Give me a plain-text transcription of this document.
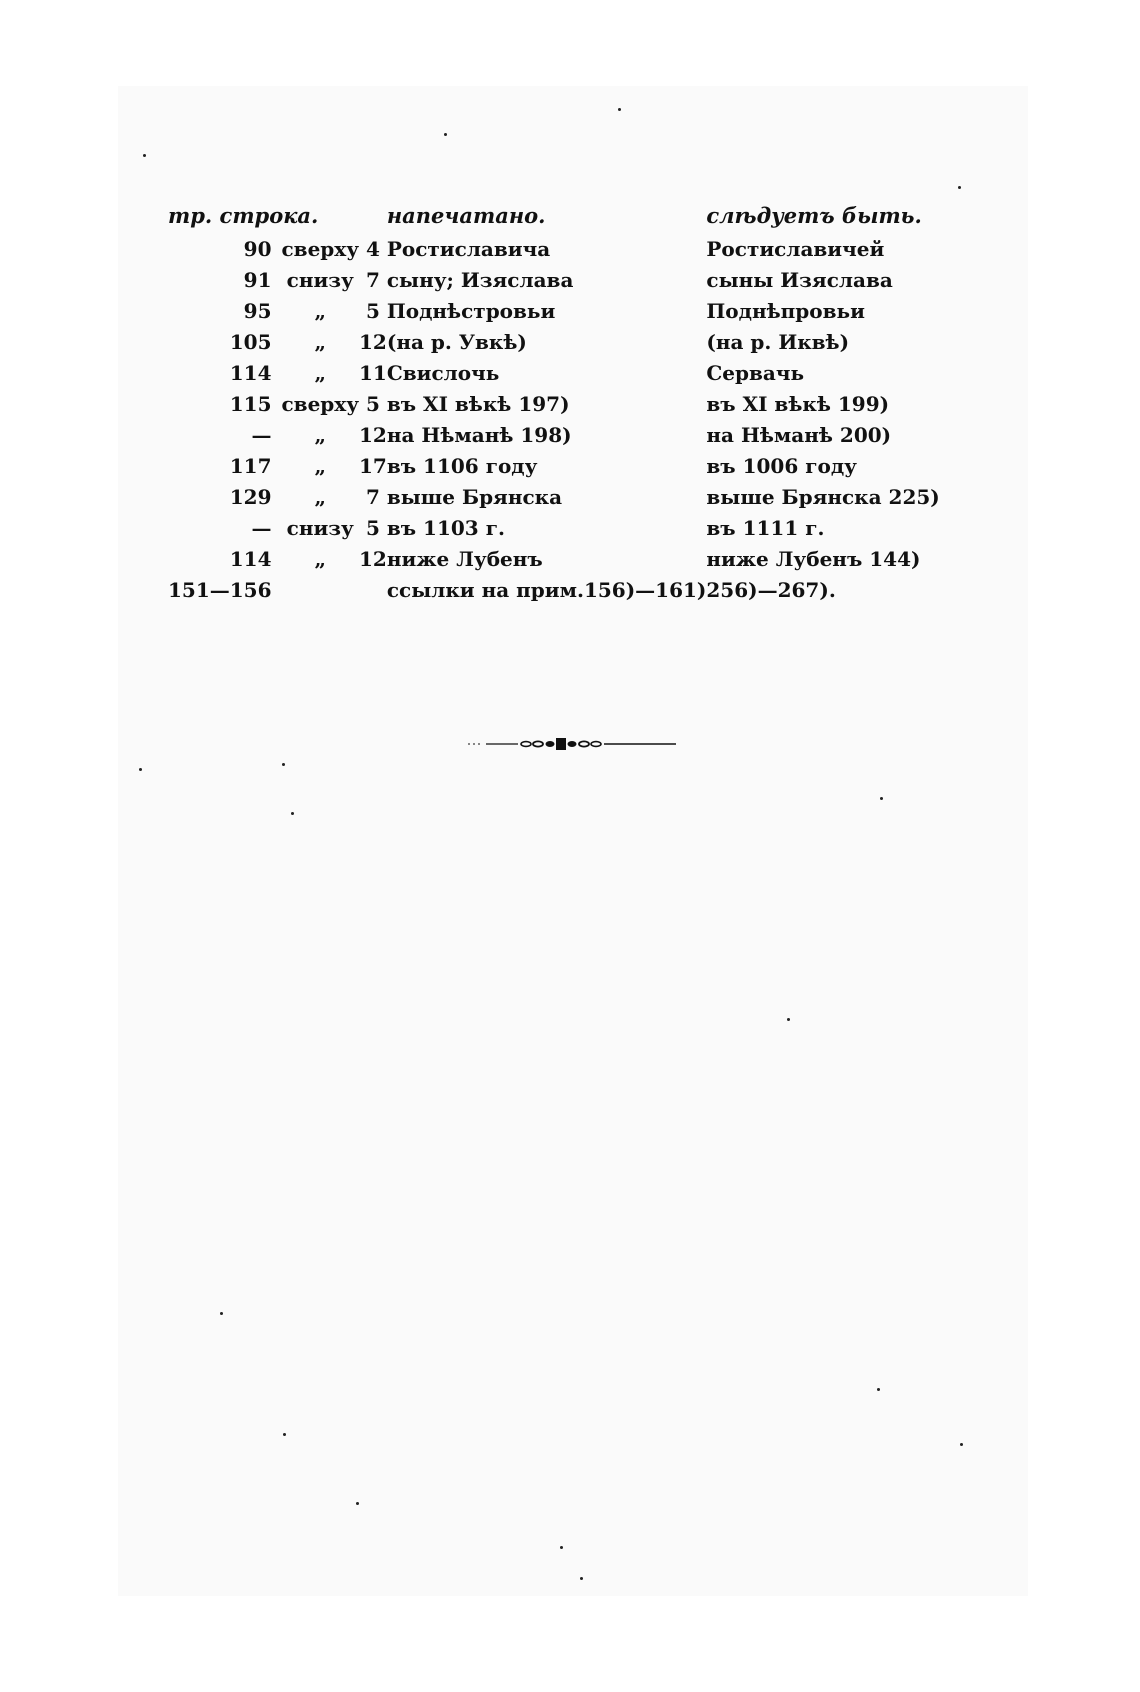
тр. строка.			напечатано.	слѣдуетъ быть.
90	сверху	4		Ростиславича	Ростиславичей
91	снизу	7		сыну; Изяслава	сыны Изяслава
95	„	5		Поднѣстровьи	Поднѣпровьи
105	„	12		(на р. Увкѣ)	(на р. Иквѣ)
114	„	11		Свислочь	Сервачь
115	сверху	5		въ XI вѣкѣ 197)	въ XI вѣкѣ 199)
—	„	12		на Нѣманѣ 198)	на Нѣманѣ 200)
117	„	17		въ 1106 году	въ 1006 году
129	„	7		выше Брянска	выше Брянска 225)
—	снизу	5		въ 1103 г.	въ 1111 г.
114	„	12		ниже Лубенъ	ниже Лубенъ 144)
151—156				ссылки на прим.156)—161)	256)—267).
